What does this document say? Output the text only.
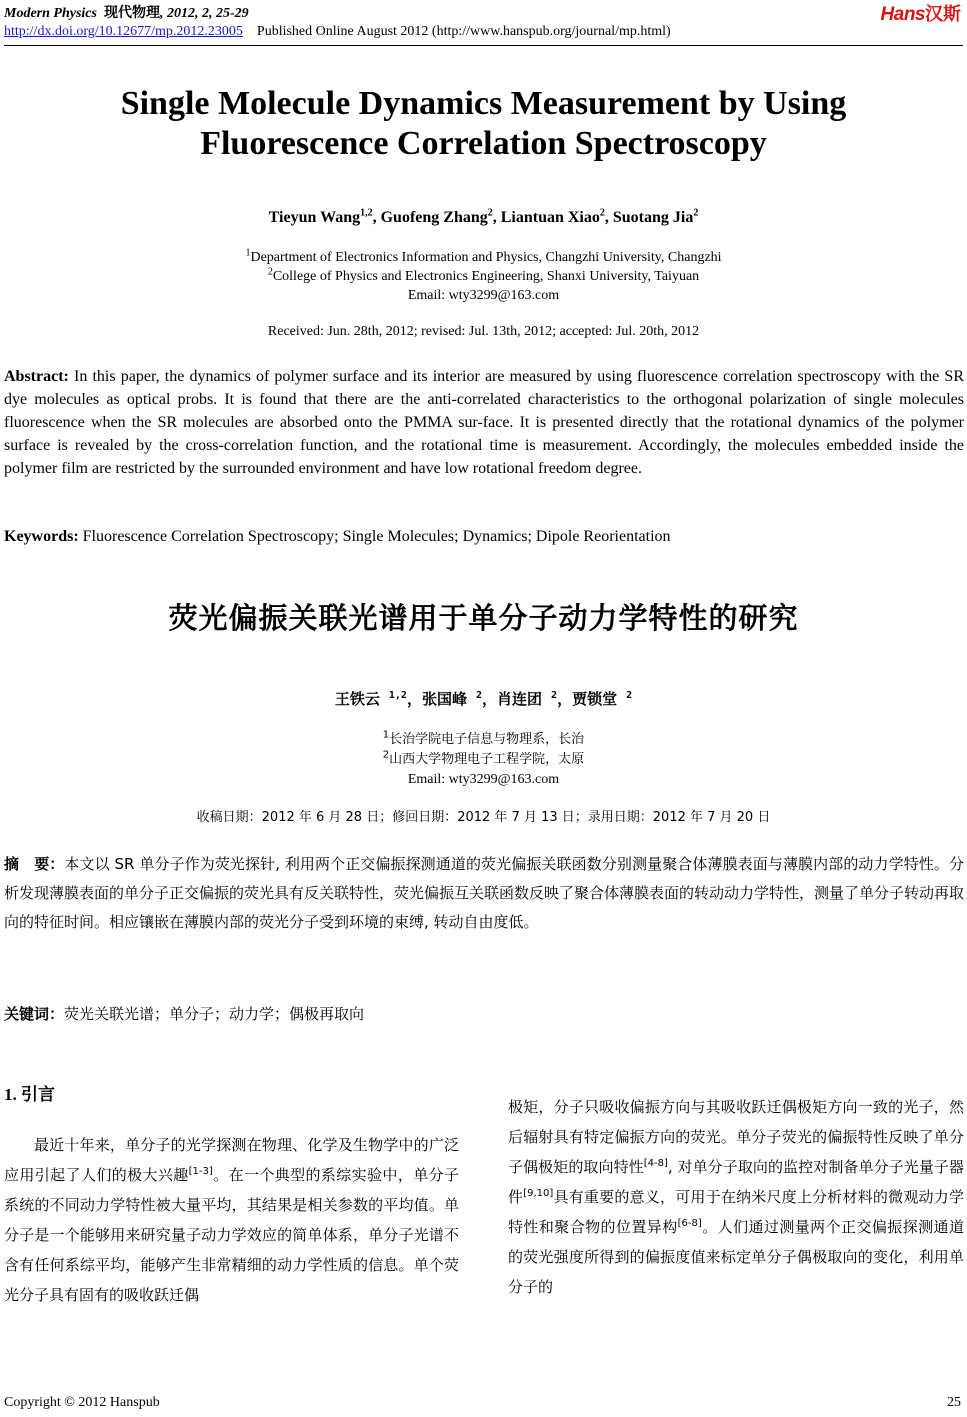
Modern Physics 现代物理, 2012, 2, 25-29	Hans汉斯
http://dx.doi.org/10.12677/mp.2012.23005 Published Online August 2012 (http://www.hanspub.org/journal/mp.html)
Single Molecule Dynamics Measurement by Using
Fluorescence Correlation Spectroscopy
Tieyun Wang$^{1,2}$, Guofeng Zhang$^2$, Liantuan Xiao$^2$, Suotang Jia$^2$
$^1$Department of Electronics Information and Physics, Changzhi University, Changzhi
$^2$College of Physics and Electronics Engineering, Shanxi University, Taiyuan
Email: wty3299@163.com
Received: Jun. 28th, 2012; revised: Jul. 13th, 2012; accepted: Jul. 20th, 2012
Abstract: In this paper, the dynamics of polymer surface and its interior are measured by using fluorescence correlation spectroscopy with the SR dye molecules as optical probs. It is found that there are the anti-correlated characteristics to the orthogonal polarization of single molecules fluorescence when the SR molecules are absorbed onto the PMMA sur-face. It is presented directly that the rotational dynamics of the polymer surface is revealed by the cross-correlation function, and the rotational time is measurement. Accordingly, the molecules embedded inside the polymer film are restricted by the surrounded environment and have low rotational freedom degree.
Keywords: Fluorescence Correlation Spectroscopy; Single Molecules; Dynamics; Dipole Reorientation
荧光偏振关联光谱用于单分子动力学特性的研究
王铁云 $^{1,2}$，张国峰 $^2$，肖连团 $^2$，贾锁堂 $^2$
$^1$长治学院电子信息与物理系，长治
$^2$山西大学物理电子工程学院，太原
Email: wty3299@163.com
收稿日期：2012 年 6 月 28 日；修回日期：2012 年 7 月 13 日；录用日期：2012 年 7 月 20 日
摘　要：本文以 SR 单分子作为荧光探针, 利用两个正交偏振探测通道的荧光偏振关联函数分别测量聚合体薄膜表面与薄膜内部的动力学特性。分析发现薄膜表面的单分子正交偏振的荧光具有反关联特性，荧光偏振互关联函数反映了聚合体薄膜表面的转动动力学特性，测量了单分子转动再取向的特征时间。相应镶嵌在薄膜内部的荧光分子受到环境的束缚, 转动自由度低。
关键词：荧光关联光谱；单分子；动力学；偶极再取向
1. 引言

最近十年来，单分子的光学探测在物理、化学及生物学中的广泛应用引起了人们的极大兴趣[1-3]。在一个典型的系综实验中，单分子系统的不同动力学特性被大量平均，其结果是相关参数的平均值。单分子是一个能够用来研究量子动力学效应的简单体系，单分子光谱不含有任何系综平均，能够产生非常精细的动力学性质的信息。单个荧光分子具有固有的吸收跃迁偶

极矩，分子只吸收偏振方向与其吸收跃迁偶极矩方向一致的光子，然后辐射具有特定偏振方向的荧光。单分子荧光的偏振特性反映了单分子偶极矩的取向特性[4-8], 对单分子取向的监控对制备单分子光量子器件[9,10]具有重要的意义，可用于在纳米尺度上分析材料的微观动力学特性和聚合物的位置异构[6-8]。人们通过测量两个正交偏振探测通道的荧光强度所得到的偏振度值来标定单分子偶极取向的变化，利用单分子的

Copyright © 2012 Hanspub	25
